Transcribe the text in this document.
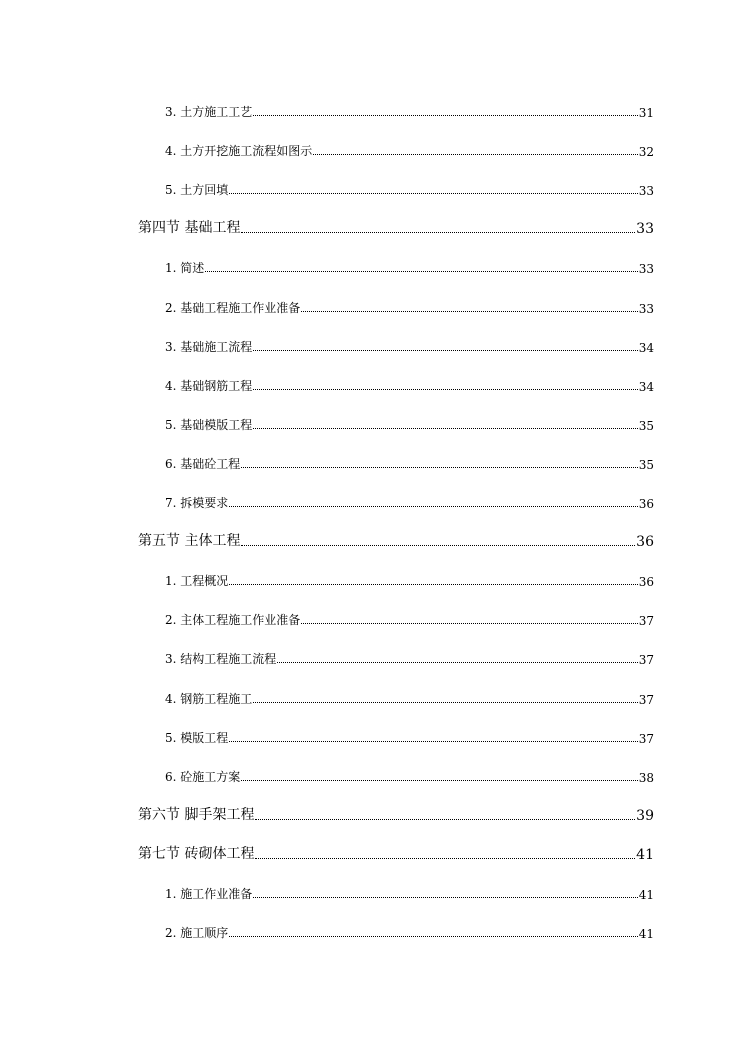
3. 土方施工工艺	31
4. 土方开挖施工流程如图示	32
5. 土方回填	33
第四节 基础工程	33
1. 简述	33
2. 基础工程施工作业准备	33
3. 基础施工流程	34
4. 基础钢筋工程	34
5. 基础模版工程	35
6. 基础砼工程	35
7. 拆模要求	36
第五节 主体工程	36
1. 工程概况	36
2. 主体工程施工作业准备	37
3. 结构工程施工流程	37
4. 钢筋工程施工	37
5. 模版工程	37
6. 砼施工方案	38
第六节 脚手架工程	39
第七节 砖砌体工程	41
1. 施工作业准备	41
2. 施工顺序	41
